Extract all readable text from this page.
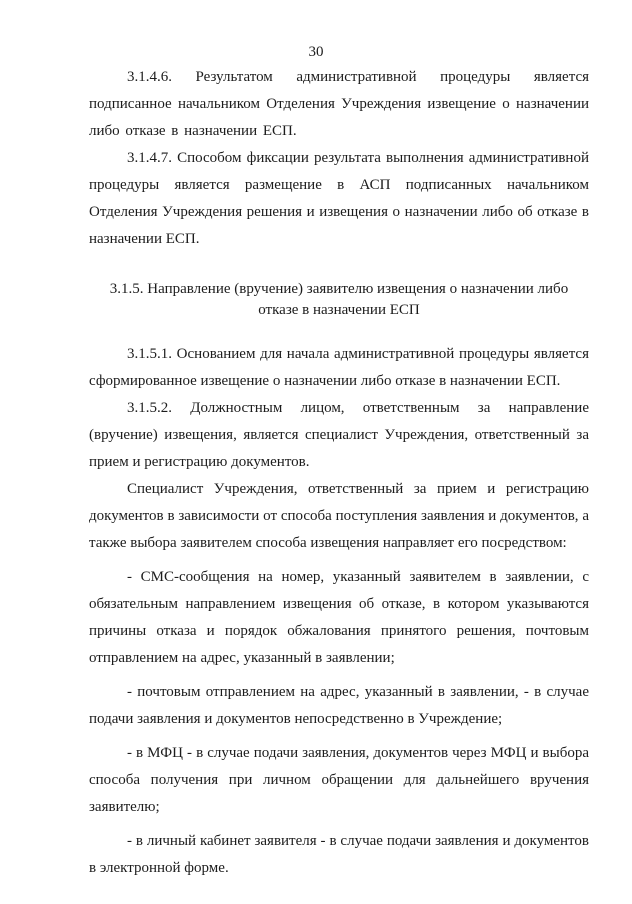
30

3.1.4.6. Результатом административной процедуры является подписанное начальником Отделения Учреждения извещение о назначении либо отказе в назначении ЕСП.

3.1.4.7. Способом фиксации результата выполнения административной процедуры является размещение в АСП подписанных начальником Отделения Учреждения решения и извещения о назначении либо об отказе в назначении ЕСП.

3.1.5. Направление (вручение) заявителю извещения о назначении либо
отказе в назначении ЕСП

3.1.5.1. Основанием для начала административной процедуры является сформированное извещение о назначении либо отказе в назначении ЕСП.

3.1.5.2. Должностным лицом, ответственным за направление (вручение) извещения, является специалист Учреждения, ответственный за прием и регистрацию документов.

Специалист Учреждения, ответственный за прием и регистрацию документов в зависимости от способа поступления заявления и документов, а также выбора заявителем способа извещения направляет его посредством:

- СМС-сообщения на номер, указанный заявителем в заявлении, с обязательным направлением извещения об отказе, в котором указываются причины отказа и порядок обжалования принятого решения, почтовым отправлением на адрес, указанный в заявлении;

- почтовым отправлением на адрес, указанный в заявлении, - в случае подачи заявления и документов непосредственно в Учреждение;

- в МФЦ - в случае подачи заявления, документов через МФЦ и выбора способа получения при личном обращении для дальнейшего вручения заявителю;

- в личный кабинет заявителя - в случае подачи заявления и документов в электронной форме.
